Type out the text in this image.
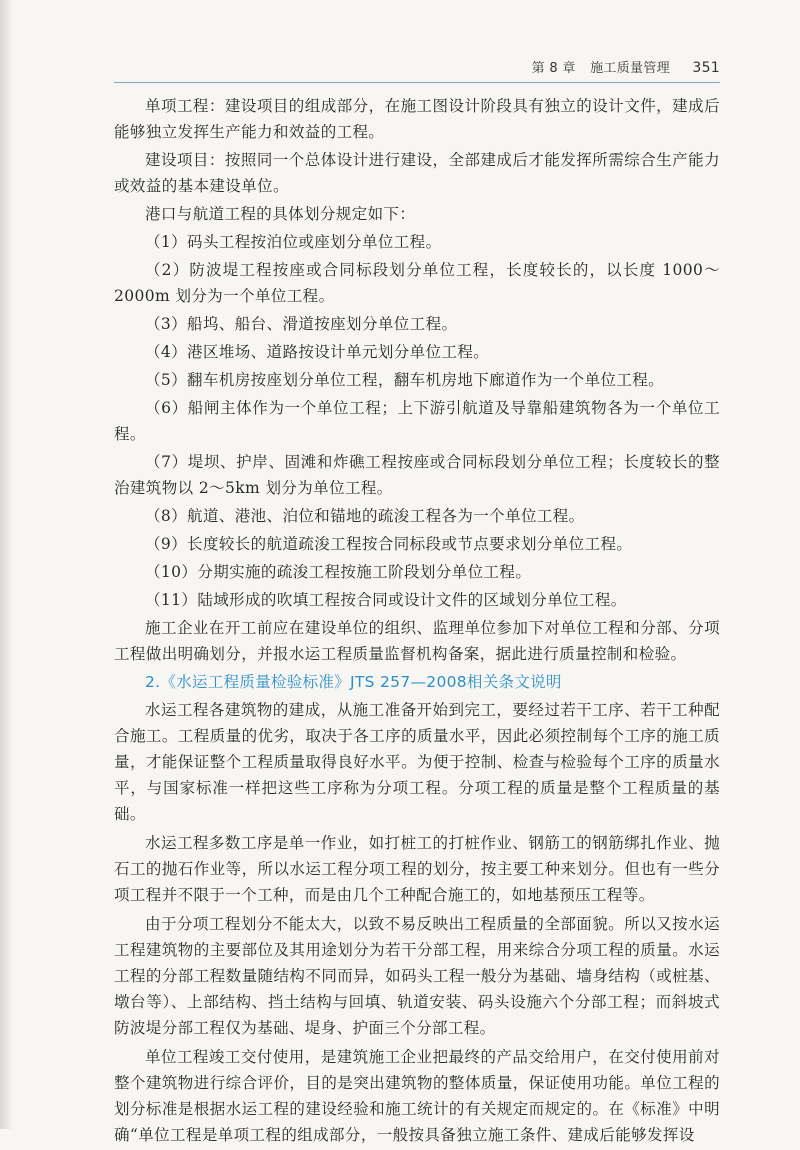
第 8 章 施工质量管理 351

单项工程：建设项目的组成部分，在施工图设计阶段具有独立的设计文件，建成后能够独立发挥生产能力和效益的工程。

建设项目：按照同一个总体设计进行建设，全部建成后才能发挥所需综合生产能力或效益的基本建设单位。

港口与航道工程的具体划分规定如下：

（1）码头工程按泊位或座划分单位工程。

（2）防波堤工程按座或合同标段划分单位工程，长度较长的，以长度 1000～2000m 划分为一个单位工程。

（3）船坞、船台、滑道按座划分单位工程。

（4）港区堆场、道路按设计单元划分单位工程。

（5）翻车机房按座划分单位工程，翻车机房地下廊道作为一个单位工程。

（6）船闸主体作为一个单位工程；上下游引航道及导靠船建筑物各为一个单位工程。

（7）堤坝、护岸、固滩和炸礁工程按座或合同标段划分单位工程；长度较长的整治建筑物以 2～5km 划分为单位工程。

（8）航道、港池、泊位和锚地的疏浚工程各为一个单位工程。

（9）长度较长的航道疏浚工程按合同标段或节点要求划分单位工程。

（10）分期实施的疏浚工程按施工阶段划分单位工程。

（11）陆域形成的吹填工程按合同或设计文件的区域划分单位工程。

施工企业在开工前应在建设单位的组织、监理单位参加下对单位工程和分部、分项工程做出明确划分，并报水运工程质量监督机构备案，据此进行质量控制和检验。

2.《水运工程质量检验标准》JTS 257—2008相关条文说明

水运工程各建筑物的建成，从施工准备开始到完工，要经过若干工序、若干工种配合施工。工程质量的优劣，取决于各工序的质量水平，因此必须控制每个工序的施工质量，才能保证整个工程质量取得良好水平。为便于控制、检查与检验每个工序的质量水平，与国家标准一样把这些工序称为分项工程。分项工程的质量是整个工程质量的基础。

水运工程多数工序是单一作业，如打桩工的打桩作业、钢筋工的钢筋绑扎作业、抛石工的抛石作业等，所以水运工程分项工程的划分，按主要工种来划分。但也有一些分项工程并不限于一个工种，而是由几个工种配合施工的，如地基预压工程等。

由于分项工程划分不能太大，以致不易反映出工程质量的全部面貌。所以又按水运工程建筑物的主要部位及其用途划分为若干分部工程，用来综合分项工程的质量。水运工程的分部工程数量随结构不同而异，如码头工程一般分为基础、墙身结构（或桩基、墩台等）、上部结构、挡土结构与回填、轨道安装、码头设施六个分部工程；而斜坡式防波堤分部工程仅为基础、堤身、护面三个分部工程。

单位工程竣工交付使用，是建筑施工企业把最终的产品交给用户，在交付使用前对整个建筑物进行综合评价，目的是突出建筑物的整体质量，保证使用功能。单位工程的划分标准是根据水运工程的建设经验和施工统计的有关规定而规定的。在《标准》中明确“单位工程是单项工程的组成部分，一般按具备独立施工条件、建成后能够发挥设
